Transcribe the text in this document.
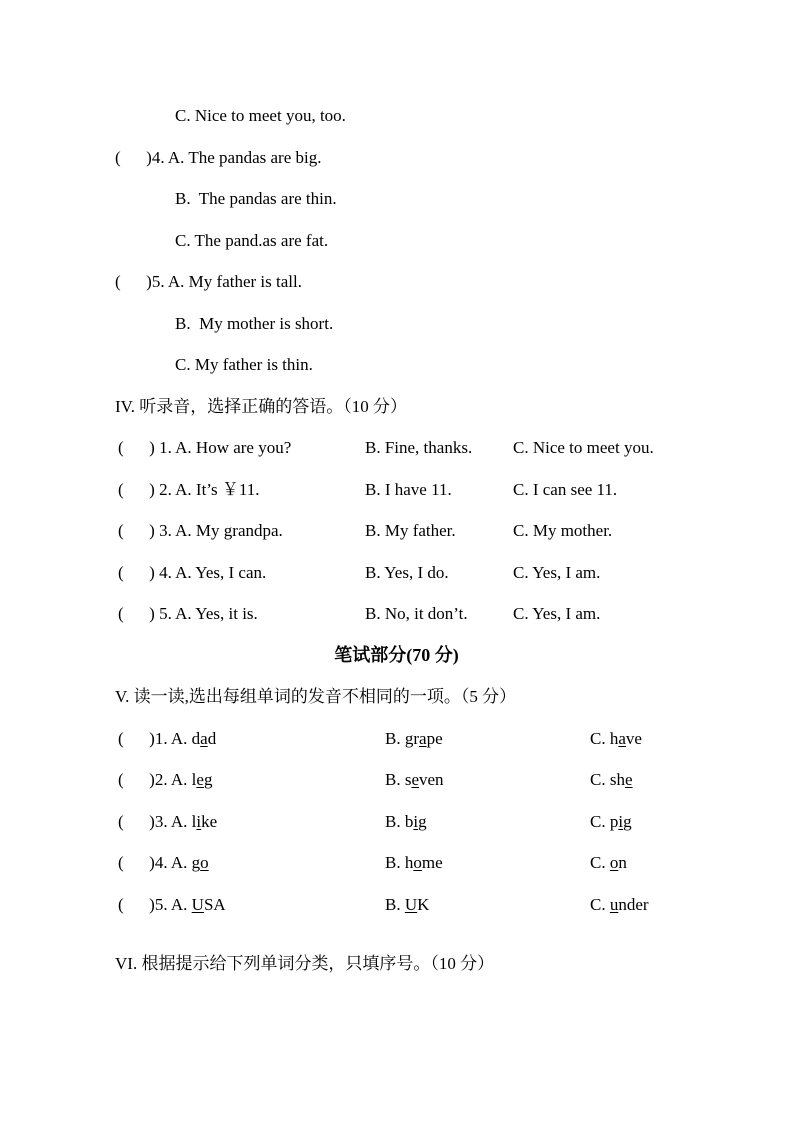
C. Nice to meet you, too.
(      )4. A. The pandas are big.
B.  The pandas are thin.
C. The pand.as are fat.
(      )5. A. My father is tall.
B.  My mother is short.
C. My father is thin.
IV. 听录音，选择正确的答语。（10 分）
(      ) 1. A. How are you?	B. Fine, thanks. C. Nice to meet you.
(      ) 2. A. It’s ￥11.	B. I have 11.	C. I can see 11.
(      ) 3. A. My grandpa.	B. My father.	C. My mother.
(      ) 4. A. Yes, I can.	B. Yes, I do.	C. Yes, I am.
(      ) 5. A. Yes, it is.	B. No, it don’t.	C. Yes, I am.
笔试部分(70 分)
V. 读一读,选出每组单词的发音不相同的一项。（5 分）
(      )1. A. dad	B. grape	C. have
(      )2. A. leg	B. seven	C. she
(      )3. A. like	B. big	C. pig
(      )4. A. go	B. home	C. on
(      )5. A. USA	B. UK	C. under
VI. 根据提示给下列单词分类，只填序号。（10 分）
